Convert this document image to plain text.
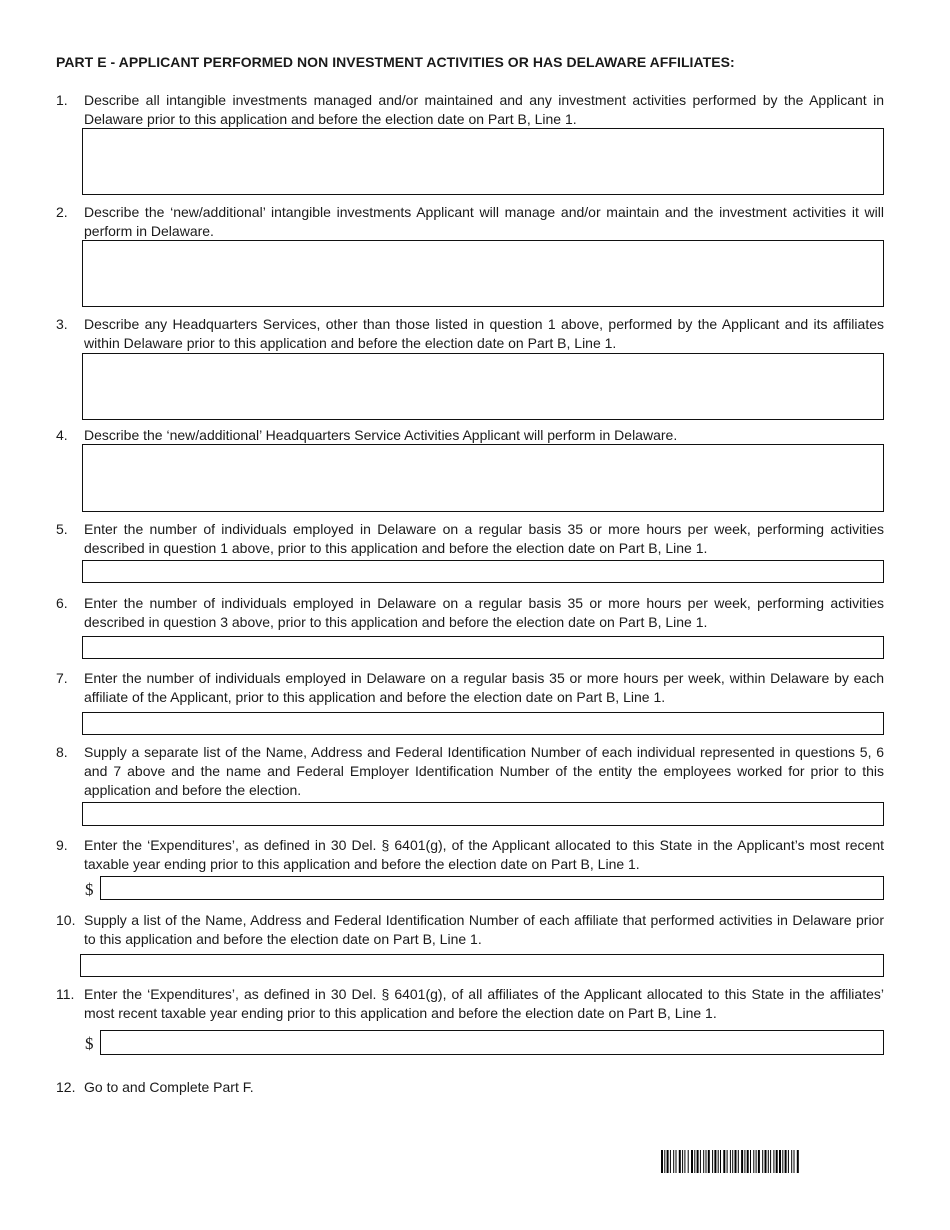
PART E - APPLICANT PERFORMED NON INVESTMENT ACTIVITIES OR HAS DELAWARE AFFILIATES:
1.	Describe all intangible investments managed and/or maintained and any investment activities performed by the Applicant in Delaware prior to this application and before the election date on Part B, Line 1.
2.	Describe the ‘new/additional’ intangible investments Applicant will manage and/or maintain and the investment activities it will perform in Delaware.
3.	Describe any Headquarters Services, other than those listed in question 1 above, performed by the Applicant and its affiliates within Delaware prior to this application and before the election date on Part B, Line 1.
4.	Describe the ‘new/additional’ Headquarters Service Activities Applicant will perform in Delaware.
5.	Enter the number of individuals employed in Delaware on a regular basis 35 or more hours per week, performing activities described in question 1 above, prior to this application and before the election date on Part B, Line 1.
6.	Enter the number of individuals employed in Delaware on a regular basis 35 or more hours per week, performing activities described in question 3 above, prior to this application and before the election date on Part B, Line 1.
7.	Enter the number of individuals employed in Delaware on a regular basis 35 or more hours per week, within Delaware by each affiliate of the Applicant, prior to this application and before the election date on Part B, Line 1.
8.	Supply a separate list of the Name, Address and Federal Identification Number of each individual represented in questions 5, 6 and 7 above and the name and Federal Employer Identification Number of the entity the employees worked for prior to this application and before the election.
9.	Enter the ‘Expenditures’, as defined in 30 Del. § 6401(g), of the Applicant allocated to this State in the Applicant’s most recent taxable year ending prior to this application and before the election date on Part B, Line 1.
$
10. Supply a list of the Name, Address and Federal Identification Number of each affiliate that performed activities in Delaware prior to this application and before the election date on Part B, Line 1.
11. Enter the ‘Expenditures’, as defined in 30 Del. § 6401(g), of all affiliates of the Applicant allocated to this State in the affiliates’ most recent taxable year ending prior to this application and before the election date on Part B, Line 1.
$
12. Go to and Complete Part F.
